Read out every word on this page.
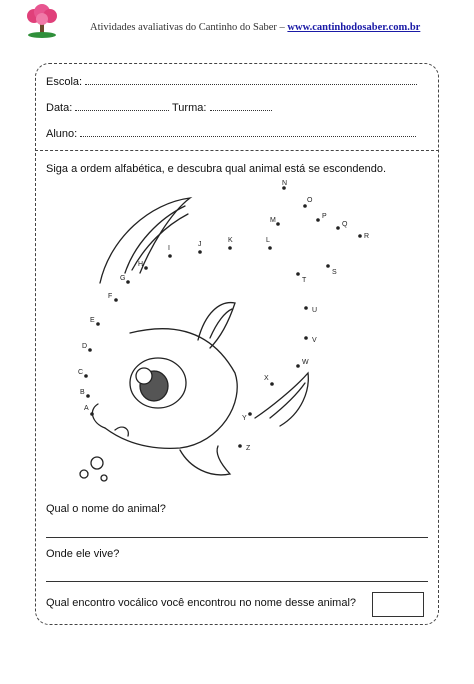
Atividades avaliativas do Cantinho do Saber – www.cantinhodosaber.com.br
Escola:
Data:	Turma:
Aluno:
Siga a ordem alfabética, e descubra qual animal está se escondendo.
A
B
C
D
E
F
G
H
I
J
K	L
M
N
O
P
Q
R
S
T
U
V
W
X
Y
Z
Qual o nome do animal?
Onde ele vive?
Qual encontro vocálico você encontrou no nome desse animal?
